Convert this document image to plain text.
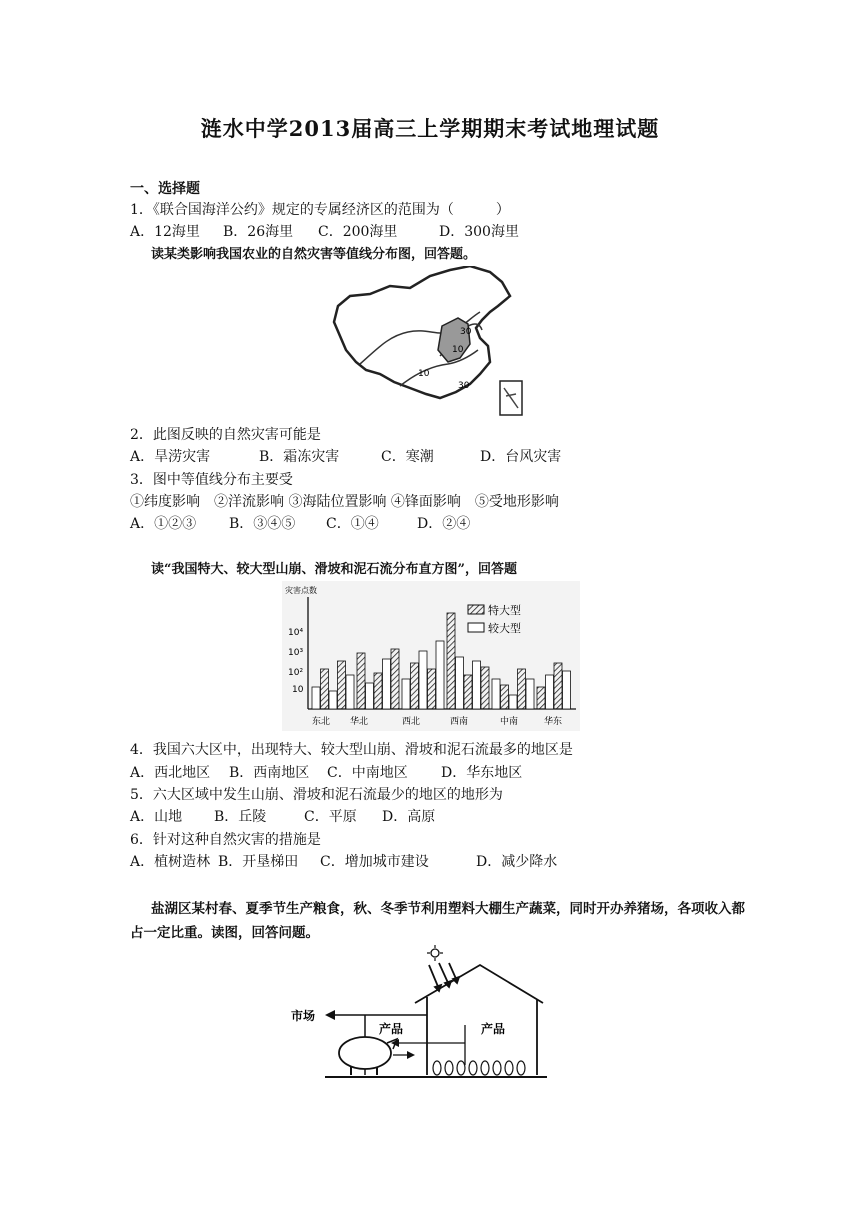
涟水中学2013届高三上学期期末考试地理试题
一、选择题
1．《联合国海洋公约》规定的专属经济区的范围为（　　　）
A．12海里 B．26海里 C．200海里	D．300海里
读某类影响我国农业的自然灾害等值线分布图，回答题。
10
30
10
30
2．此图反映的自然灾害可能是
A．旱涝灾害	B．霜冻灾害	C．寒潮	D．台风灾害
3．图中等值线分布主要受
①纬度影响　②洋流影响 ③海陆位置影响 ④锋面影响　⑤受地形影响
A．①②③ B．③④⑤ C．①④	D．②④
读“我国特大、较大型山崩、滑坡和泥石流分布直方图”，回答题
灾害点数
10⁴
10³
10²
10
特大型
较大型
东北 华北	西北	西南	中南	华东
4．我国六大区中，出现特大、较大型山崩、滑坡和泥石流最多的地区是
A．西北地区 B．西南地区 C．中南地区 D．华东地区
5．六大区域中发生山崩、滑坡和泥石流最少的地区的地形为
A．山地 B．丘陵	C．平原 D．高原
6．针对这种自然灾害的措施是
A．植树造林 B．开垦梯田 C．增加城市建设	D．减少降水
盐湖区某村春、夏季节生产粮食，秋、冬季节利用塑料大棚生产蔬菜，同时开办养猪场，各项收入都占一定比重。读图，回答问题。
市场
产品	产品
